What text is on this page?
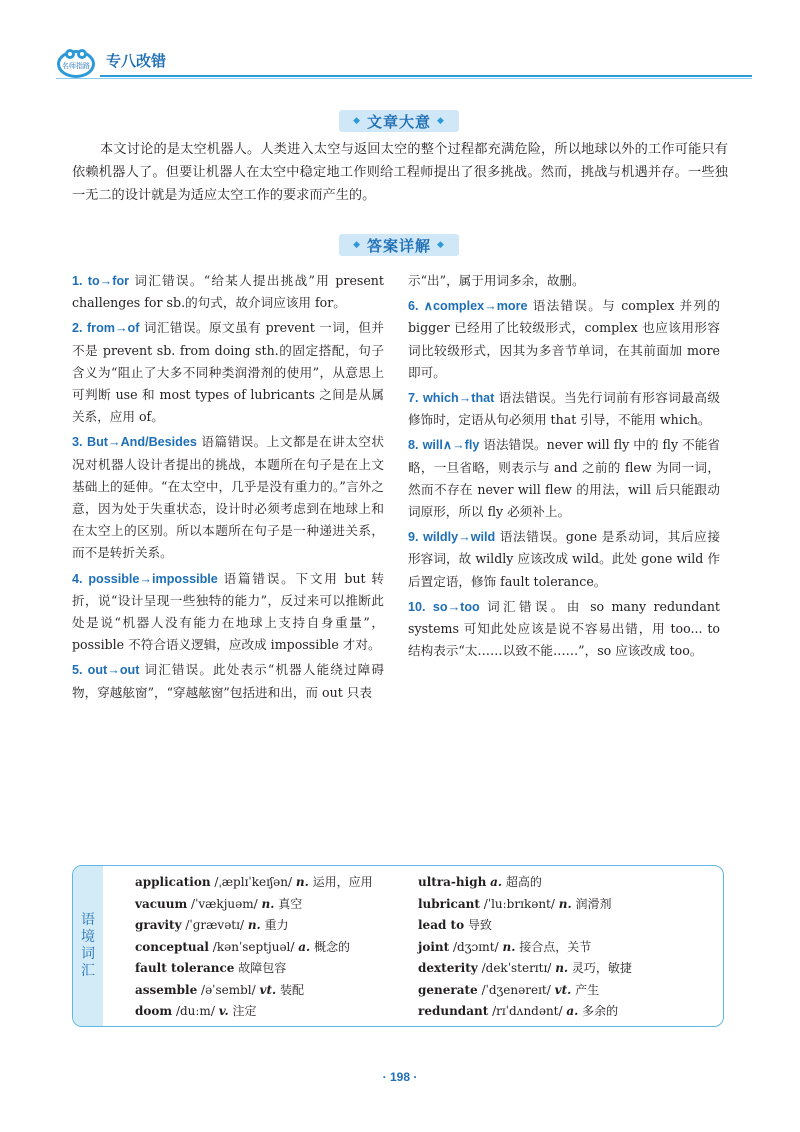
名师指路 专八改错
◆ 文章大意 ◆
本文讨论的是太空机器人。人类进入太空与返回太空的整个过程都充满危险，所以地球以外的工作可能只有依赖机器人了。但要让机器人在太空中稳定地工作则给工程师提出了很多挑战。然而，挑战与机遇并存。一些独一无二的设计就是为适应太空工作的要求而产生的。
◆ 答案详解 ◆
1. to→for 词汇错误。“给某人提出挑战”用 present challenges for sb.的句式，故介词应该用 for。
2. from→of 词汇错误。原文虽有 prevent 一词，但并不是 prevent sb. from doing sth.的固定搭配，句子含义为“阻止了大多不同种类润滑剂的使用”，从意思上可判断 use 和 most types of lubricants 之间是从属关系，应用 of。
3. But→And/Besides 语篇错误。上文都是在讲太空状况对机器人设计者提出的挑战，本题所在句子是在上文基础上的延伸。“在太空中，几乎是没有重力的。”言外之意，因为处于失重状态，设计时必须考虑到在地球上和在太空上的区别。所以本题所在句子是一种递进关系，而不是转折关系。
4. possible→impossible 语篇错误。下文用 but 转折，说“设计呈现一些独特的能力”，反过来可以推断此处是说“机器人没有能力在地球上支持自身重量”，possible 不符合语义逻辑，应改成 impossible 才对。
5. out→out 词汇错误。此处表示“机器人能绕过障碍物，穿越舷窗”，“穿越舷窗”包括进和出，而 out 只表
示“出”，属于用词多余，故删。
6. ∧complex→more 语法错误。与 complex 并列的 bigger 已经用了比较级形式，complex 也应该用形容词比较级形式，因其为多音节单词，在其前面加 more 即可。
7. which→that 语法错误。当先行词前有形容词最高级修饰时，定语从句必须用 that 引导，不能用 which。
8. will∧→fly 语法错误。never will fly 中的 fly 不能省略，一旦省略，则表示与 and 之前的 flew 为同一词，然而不存在 never will flew 的用法，will 后只能跟动词原形，所以 fly 必须补上。
9. wildly→wild 语法错误。gone 是系动词，其后应接形容词，故 wildly 应该改成 wild。此处 gone wild 作后置定语，修饰 fault tolerance。
10. so→too 词汇错误。由 so many redundant systems 可知此处应该是说不容易出错，用 too... to 结构表示“太……以致不能……”，so 应该改成 too。
语境词汇
application /ˌæplɪˈkeɪʃən/ n. 运用，应用
vacuum /ˈvækjuəm/ n. 真空
gravity /ˈɡrævətɪ/ n. 重力
conceptual /kənˈseptjuəl/ a. 概念的
fault tolerance 故障包容
assemble /əˈsembl/ vt. 装配
doom /duːm/ v. 注定
ultra-high a. 超高的
lubricant /ˈluːbrɪkənt/ n. 润滑剂
lead to 导致
joint /dʒɔɪnt/ n. 接合点，关节
dexterity /dekˈsterɪtɪ/ n. 灵巧，敏捷
generate /ˈdʒenəreɪt/ vt. 产生
redundant /rɪˈdʌndənt/ a. 多余的
· 198 ·
